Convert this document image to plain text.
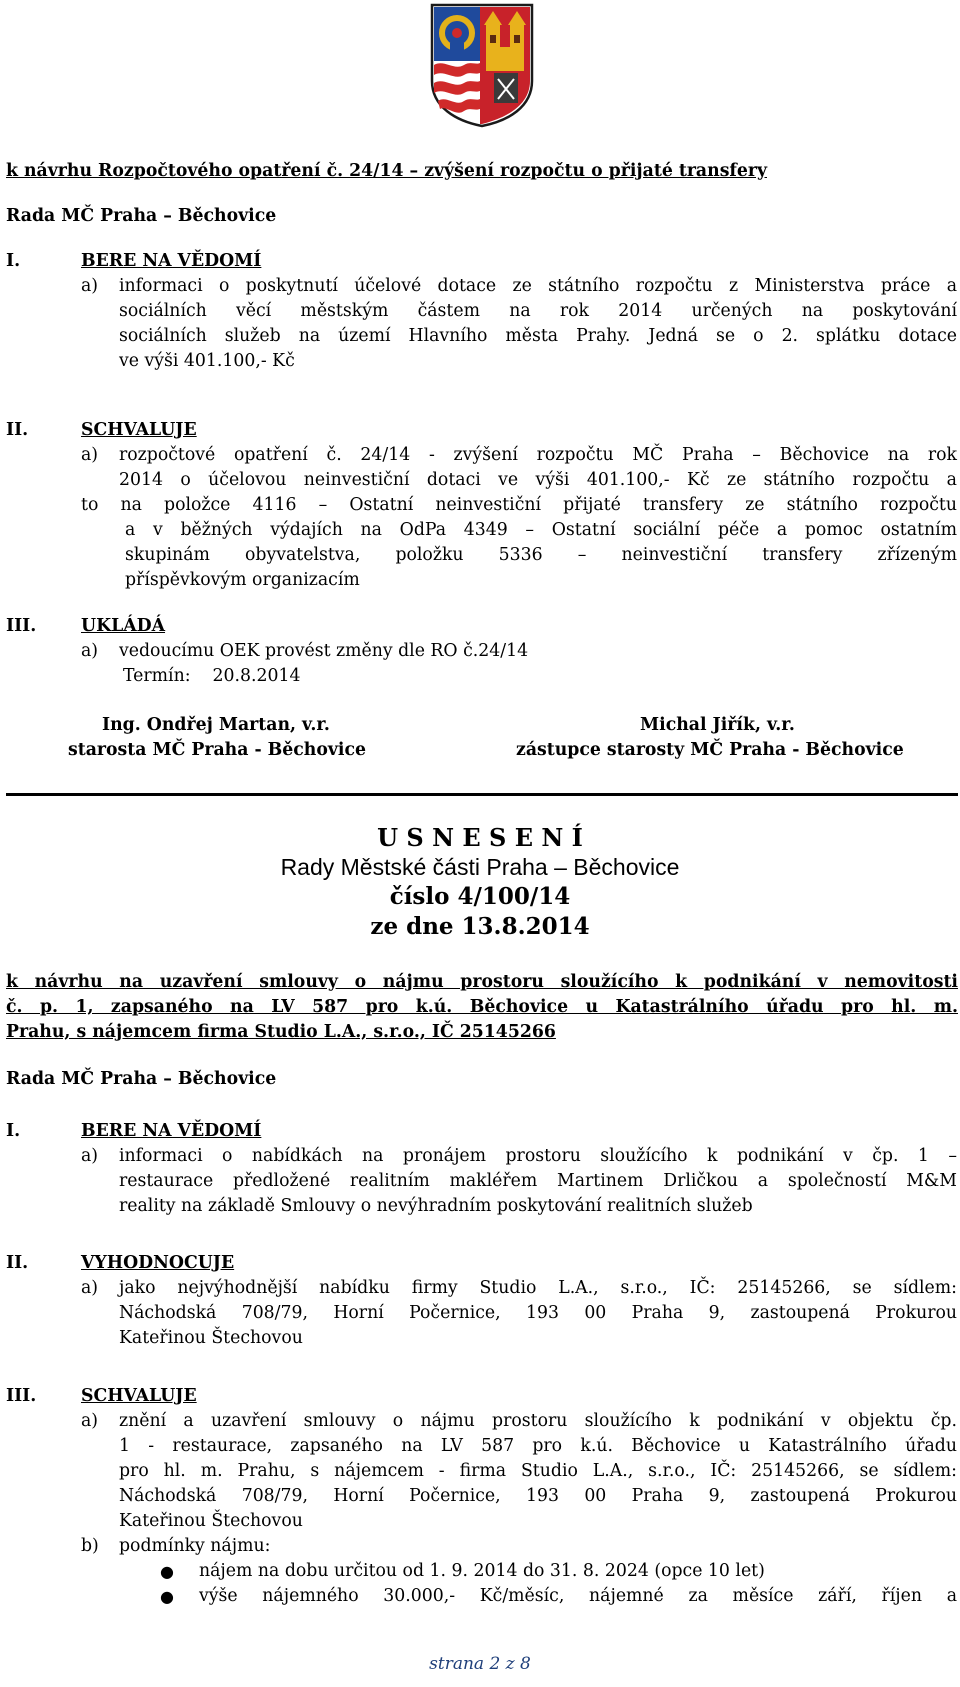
k návrhu Rozpočtového opatření č. 24/14 – zvýšení rozpočtu o přijaté transfery
Rada MČ Praha – Běchovice
I.	BERE NA VĚDOMÍ
a) informaci o poskytnutí účelové dotace ze státního rozpočtu z Ministerstva práce a
sociálních věcí městským částem na rok 2014 určených na poskytování
sociálních služeb na území Hlavního města Prahy. Jedná se o 2. splátku dotace
ve výši 401.100,- Kč
II.	SCHVALUJE
a) rozpočtové opatření č. 24/14 - zvýšení rozpočtu MČ Praha – Běchovice na rok
2014 o účelovou neinvestiční dotaci ve výši 401.100,- Kč ze státního rozpočtu a
to na položce 4116 – Ostatní neinvestiční přijaté transfery ze státního rozpočtu
a v běžných výdajích na OdPa 4349 – Ostatní sociální péče a pomoc ostatním
skupinám obyvatelstva, položku 5336 – neinvestiční transfery zřízeným
příspěvkovým organizacím
III.	UKLÁDÁ
a) vedoucímu OEK provést změny dle RO č.24/14
Termín:    20.8.2014
Ing. Ondřej Martan, v.r.
starosta MČ Praha - Běchovice
Michal Jiřík, v.r.
zástupce starosty MČ Praha - Běchovice
U S N E S E N Í
Rady Městské části Praha – Běchovice
číslo 4/100/14
ze dne 13.8.2014
k návrhu na uzavření smlouvy o nájmu prostoru sloužícího k podnikání v nemovitosti
č. p. 1, zapsaného na LV 587 pro k.ú. Běchovice u Katastrálního úřadu pro hl. m.
Prahu, s nájemcem firma Studio L.A., s.r.o., IČ 25145266
Rada MČ Praha – Běchovice
I.	BERE NA VĚDOMÍ
a) informaci o nabídkách na pronájem prostoru sloužícího k podnikání v čp. 1 –
restaurace předložené realitním makléřem Martinem Drličkou a společností M&M
reality na základě Smlouvy o nevýhradním poskytování realitních služeb
II.	VYHODNOCUJE
a) jako nejvýhodnější nabídku firmy Studio L.A., s.r.o., IČ: 25145266, se sídlem:
Náchodská 708/79, Horní Počernice, 193 00 Praha 9, zastoupená Prokurou
Kateřinou Štechovou
III.	SCHVALUJE
a) znění a uzavření smlouvy o nájmu prostoru sloužícího k podnikání v objektu čp.
1 - restaurace, zapsaného na LV 587 pro k.ú. Běchovice u Katastrálního úřadu
pro hl. m. Prahu, s nájemcem - firma Studio L.A., s.r.o., IČ: 25145266, se sídlem:
Náchodská 708/79, Horní Počernice, 193 00 Praha 9, zastoupená Prokurou
Kateřinou Štechovou
b) podmínky nájmu:
● nájem na dobu určitou od 1. 9. 2014 do 31. 8. 2024 (opce 10 let)
● výše nájemného 30.000,- Kč/měsíc, nájemné za měsíce září, říjen a
strana 2 z 8
